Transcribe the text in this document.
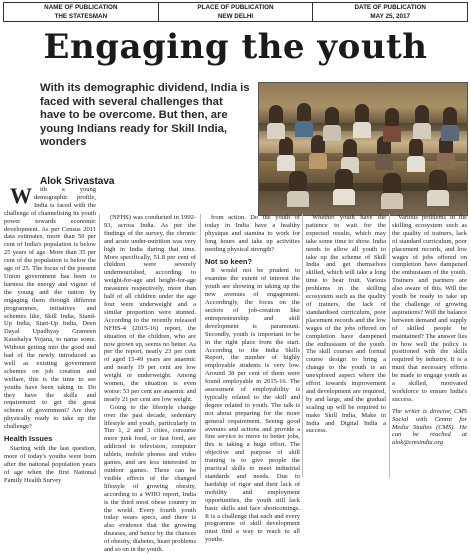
NAME OF PUBLICATION
THE STATESMAN
PLACE OF PUBLICATION
NEW DELHI
DATE OF PUBLICATION
MAY 25, 2017
Engaging the youth
With its demographic dividend, India is faced with several challenges that have to be overcome. But then, are young Indians ready for Skill India, wonders
Alok Srivastava

W ith a young demographic profile, India is faced with the challenge of channelising its youth power towards economic development. As per Census 2011 data estimates, more than 50 per cent of India's population is below 25 years of age. More than 35 per cent of the population is below the age of 25. The focus of the present Union government has been to harness the energy and vigour of the young and the nation by engaging them through different programmes, initiatives and schemes like, Skill India, Stand-Up India, Start-Up India, Deen Dayal Upadhyay Grameen Kaushalya Yojana, to name some. Without getting into the good and bad of the newly introduced as well as existing government schemes on job creation and welfare, this is the time to see youths have been taking in. Do they have the skills and requirement to get the great scheme of government? Are they physically ready to take up the challenge?

Health Issues

Starting with the last question, more of today's youths were born after the national population years of age when the first National Family Health Survey

(NFHS) was conducted in 1992-93, across India. As per the findings of the survey, the chronic and acute under-nutrition was very high in India during that time. More specifically, 51.8 per cent of children were severely undernourished, according to weight-for-age and height-for-age measures respectively, more than half of all children under the age four were underweight and a similar proportion were stunted. According to the recently released NFHS-4 (2015-16) report, the situation of the children, who are now grown up, seems no better. As per the report, nearly 23 per cent of aged 15-49 years are anaemic and nearly 19 per cent are low weight or underweight. Among women, the situation is even worse: 53 per cent are anaemic and nearly 21 per cent are low weight.

Going to the lifestyle change over the past decade, sedentary lifestyle and youth, particularly in Tier 1, 2 and 3 cities, consume more junk food, or fast food, are addicted to television, computer tablets, mobile phones and video games, and are less interested in outdoor games. These can be visible effects of the changed lifestyle of growing obesity, according to a WHO report, India is the third most obese country in the world. Every fourth youth today wears specs, and there is also evidence that the growing diseases, and hence by the chances of obesity, diabetes, heart problems and so on in the youth.

from action. Do the youth of today in India have a healthy physique and stamina to work for long hours and take up activities needing physical strength?

Not so keen?

It would not be prudent to examine the extent of interest the youth are showing in taking up the new avenues of engagement. Accordingly, the focus on the sectors of job-creation like entrepreneurship and skill development is paramount. Secondly, youth is important to be in the right place from the start. According to the India Skills Report, the number of highly employable students is very low. Around 38 per cent of them were found employable in 2015-16. The assessment of employability is typically related to the skill and degree related to youth. The talk is not about preparing for the more general requirement. Seeing good avenues and actions and provide a fine service to move to better jobs, this is taking a huge effort. The objective and purpose of skill training is to give people the practical skills to meet industrial standards and needs. Due to hardship of rigor and their lack of mobility and employment opportunities, the youth still lack basic skills and face shortcomings. It is a challenge that each and every programme of skill development must find a way to reach to all youths.

Whether youth have the patience to wait for the expected results, which may take some time to show. India needs to allow all youth to take up the scheme of Skill India and get themselves skilled, which will take a long time to bear fruit. Various problems in the skilling ecosystem such as the quality of trainers, the lack of standardised curriculum, poor placement records and the low wages of the jobs offered on completion have dampened the enthusiasm of the youth. The skill courses and formal course design to bring a change to the youth is an unexplored aspect where the effort towards improvement and development are required, by and large, and the gradual scaling up will be required to make Skill India, Make in India and Digital India a success.

Various problems in the skilling ecosystem such as the quality of trainers, lack of standard curriculum, poor placement records, and low wages of jobs offered on completion have dampened the enthusiasm of the youth. Trainers and partners are also aware of this. Will the youth be ready to take up the challenge of growing aspirations? Will the balance between demand and supply of skilled people be maintained? The answer lies in how well the policy is positioned with the skills required by industry. It is a must that necessary efforts be made to engage youth as a skilled, motivated workforce to ensure India's success.

The writer is director, CMS Social with Centre for Media Studies (CMS). He can be reached at alok@cmsindia.org
